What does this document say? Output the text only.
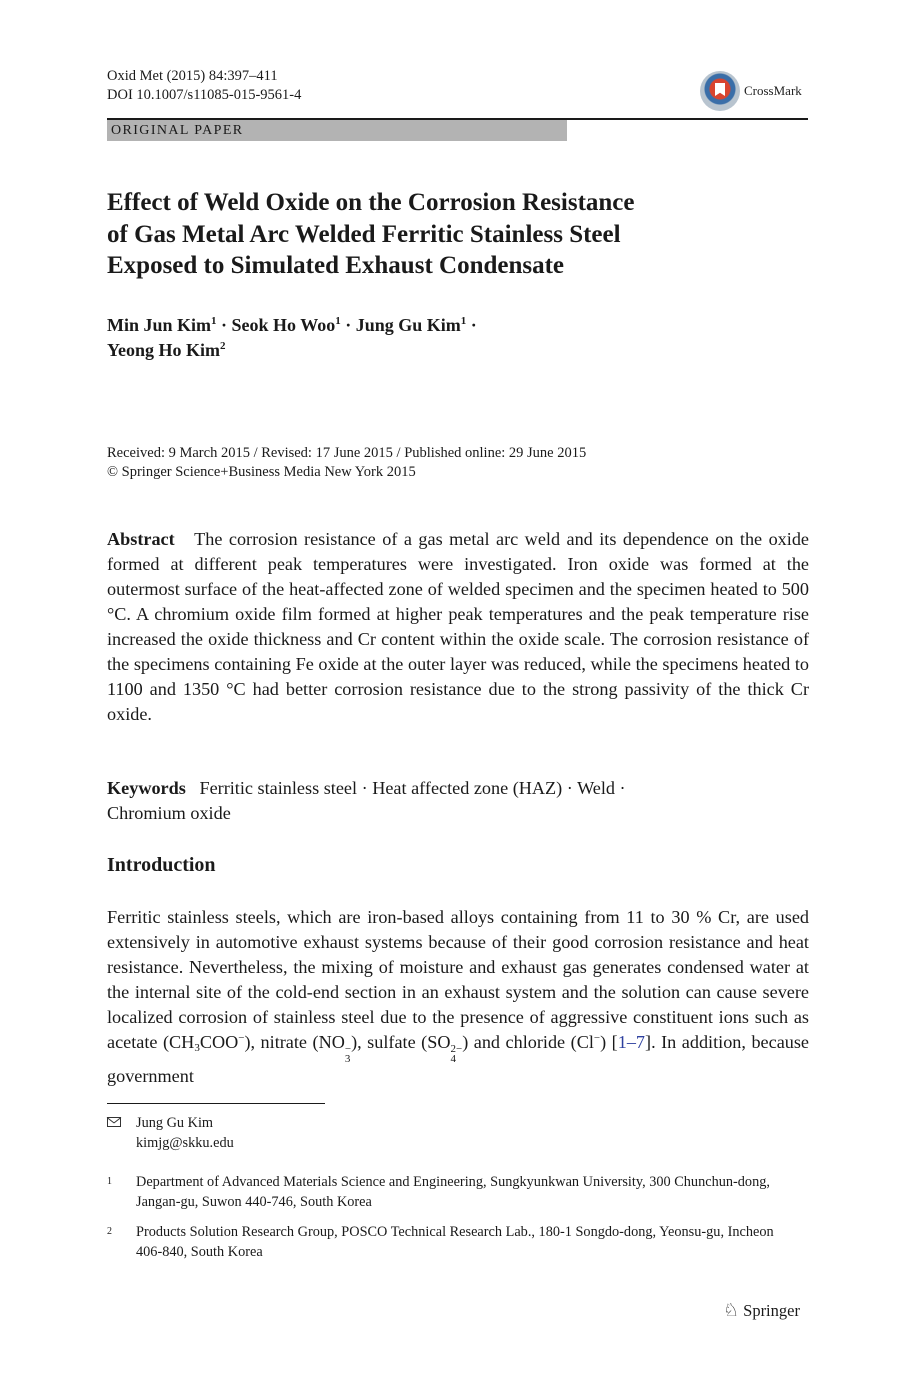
Oxid Met (2015) 84:397–411
DOI 10.1007/s11085-015-9561-4	CrossMark
ORIGINAL PAPER
Effect of Weld Oxide on the Corrosion Resistance
of Gas Metal Arc Welded Ferritic Stainless Steel
Exposed to Simulated Exhaust Condensate
Min Jun Kim$^1$ · Seok Ho Woo$^1$ · Jung Gu Kim$^1$ ·
Yeong Ho Kim$^2$
Received: 9 March 2015 / Revised: 17 June 2015 / Published online: 29 June 2015
© Springer Science+Business Media New York 2015
Abstract The corrosion resistance of a gas metal arc weld and its dependence on the oxide formed at different peak temperatures were investigated. Iron oxide was formed at the outermost surface of the heat-affected zone of welded specimen and the specimen heated to 500 °C. A chromium oxide film formed at higher peak temperatures and the peak temperature rise increased the oxide thickness and Cr content within the oxide scale. The corrosion resistance of the specimens containing Fe oxide at the outer layer was reduced, while the specimens heated to 1100 and 1350 °C had better corrosion resistance due to the strong passivity of the thick Cr oxide.
Keywords Ferritic stainless steel · Heat affected zone (HAZ) · Weld ·
Chromium oxide
Introduction
Ferritic stainless steels, which are iron-based alloys containing from 11 to 30 % Cr, are used extensively in automotive exhaust systems because of their good corrosion resistance and heat resistance. Nevertheless, the mixing of moisture and exhaust gas generates condensed water at the internal site of the cold-end section in an exhaust system and the solution can cause severe localized corrosion of stainless steel due to the presence of aggressive constituent ions such as acetate $(CH_3COO^-)$, nitrate (NO −
3
), sulfate (SO 2−
4
) and chloride (Cl−) [1–7]. In addition, because government
Jung Gu Kim
kimjg@skku.edu
1 Department of Advanced Materials Science and Engineering, Sungkyunkwan University, 300 Chunchun-dong, Jangan-gu, Suwon 440-746, South Korea
2 Products Solution Research Group, POSCO Technical Research Lab., 180-1 Songdo-dong, Yeonsu-gu, Incheon 406-840, South Korea
♘ Springer
